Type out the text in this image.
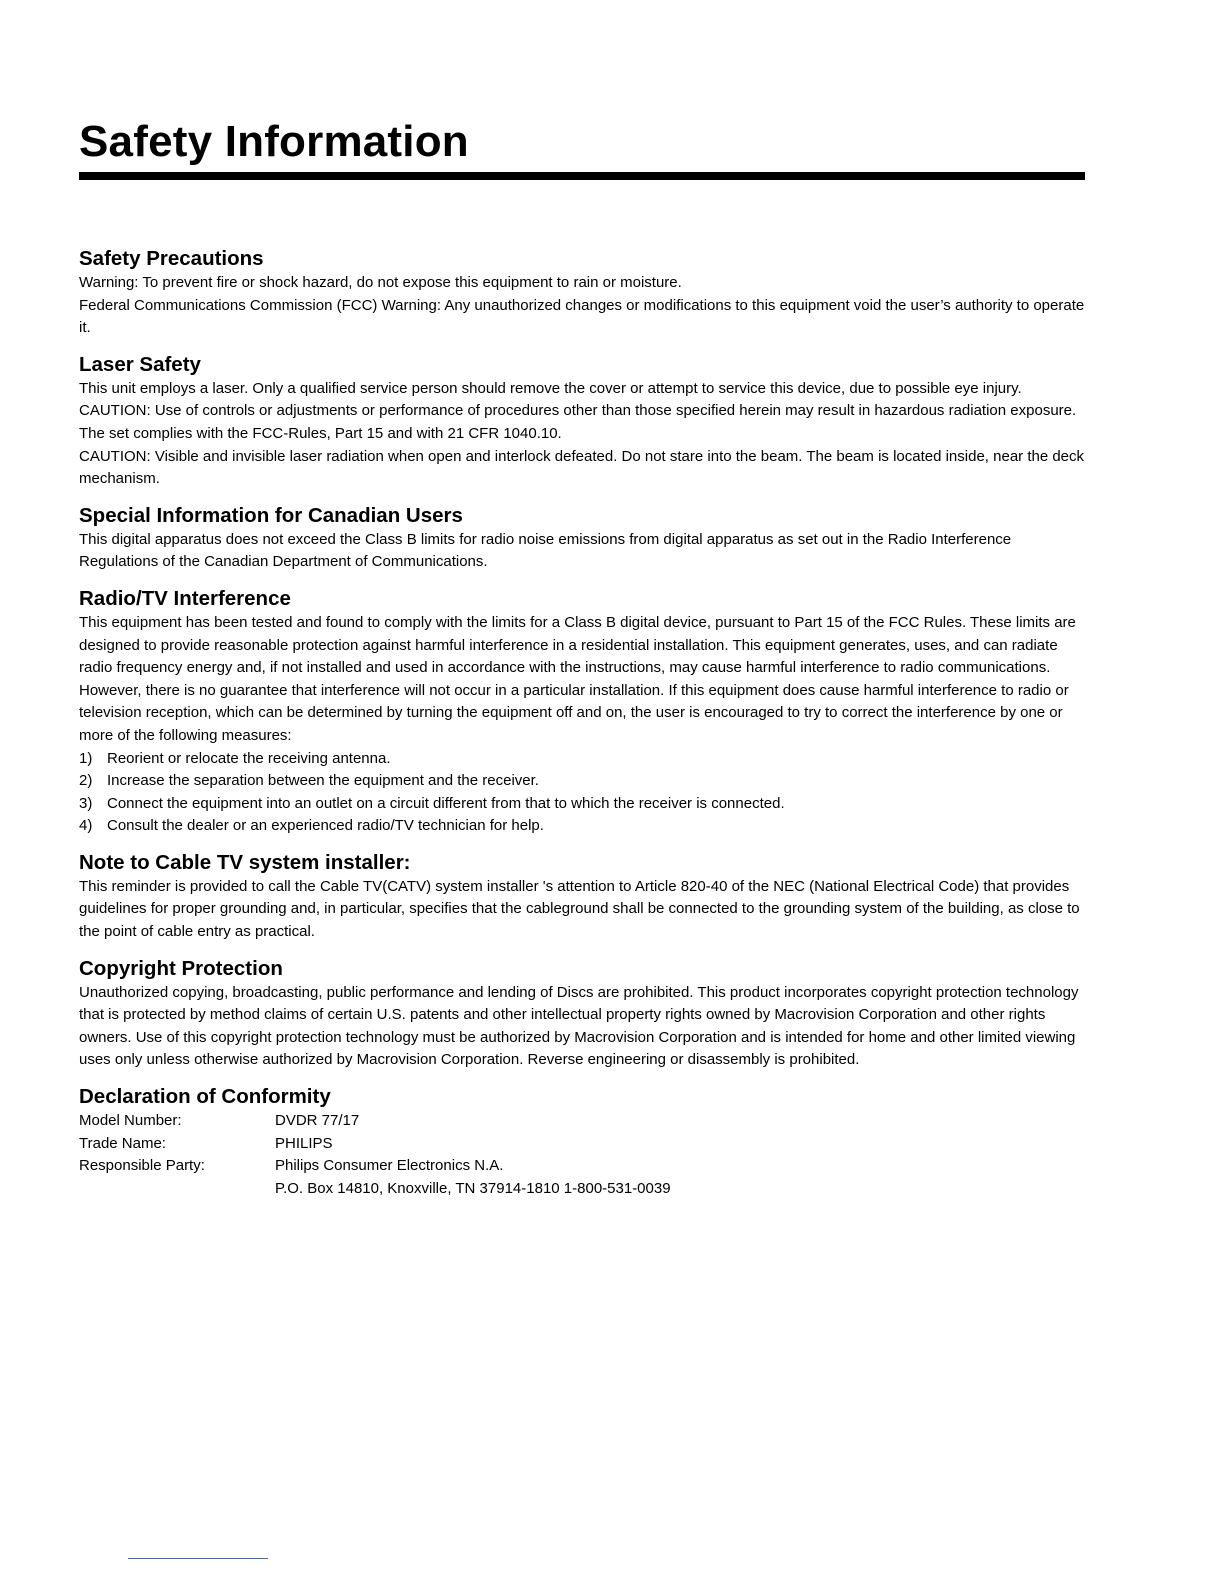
Safety Information
Safety Precautions

Warning: To prevent fire or shock hazard, do not expose this equipment to rain or moisture.

Federal Communications Commission (FCC) Warning: Any unauthorized changes or modifications to this equipment void the user’s authority to operate it.

Laser Safety

This unit employs a laser. Only a qualified service person should remove the cover or attempt to service this device, due to possible eye injury.

CAUTION: Use of controls or adjustments or performance of procedures other than those specified herein may result in hazardous radiation exposure. The set complies with the FCC-Rules, Part 15 and with 21 CFR 1040.10.

CAUTION: Visible and invisible laser radiation when open and interlock defeated. Do not stare into the beam. The beam is located inside, near the deck mechanism.

Special Information for Canadian Users

This digital apparatus does not exceed the Class B limits for radio noise emissions from digital apparatus as set out in the Radio Interference Regulations of the Canadian Department of Communications.

Radio/TV Interference

This equipment has been tested and found to comply with the limits for a Class B digital device, pursuant to Part 15 of the FCC Rules. These limits are designed to provide reasonable protection against harmful interference in a residential installation. This equipment generates, uses, and can radiate radio frequency energy and, if not installed and used in accordance with the instructions, may cause harmful interference to radio communications. However, there is no guarantee that interference will not occur in a particular installation. If this equipment does cause harmful interference to radio or television reception, which can be determined by turning the equipment off and on, the user is encouraged to try to correct the interference by one or more of the following measures:

1) Reorient or relocate the receiving antenna.
2) Increase the separation between the equipment and the receiver.
3) Connect the equipment into an outlet on a circuit different from that to which the receiver is connected.
4) Consult the dealer or an experienced radio/TV technician for help.
Note to Cable TV system installer:

This reminder is provided to call the Cable TV(CATV) system installer 's attention to Article 820-40 of the NEC (National Electrical Code) that provides guidelines for proper grounding and, in particular, specifies that the cableground shall be connected to the grounding system of the building, as close to the point of cable entry as practical.

Copyright Protection

Unauthorized copying, broadcasting, public performance and lending of Discs are prohibited. This product incorporates copyright protection technology that is protected by method claims of certain U.S. patents and other intellectual property rights owned by Macrovision Corporation and other rights owners. Use of this copyright protection technology must be authorized by Macrovision Corporation and is intended for home and other limited viewing uses only unless otherwise authorized by Macrovision Corporation. Reverse engineering or disassembly is prohibited.

Declaration of Conformity
Model Number:	DVDR 77/17
Trade Name:	PHILIPS
Responsible Party:	Philips Consumer Electronics N.A.
	P.O. Box 14810, Knoxville, TN 37914-1810 1-800-531-0039
